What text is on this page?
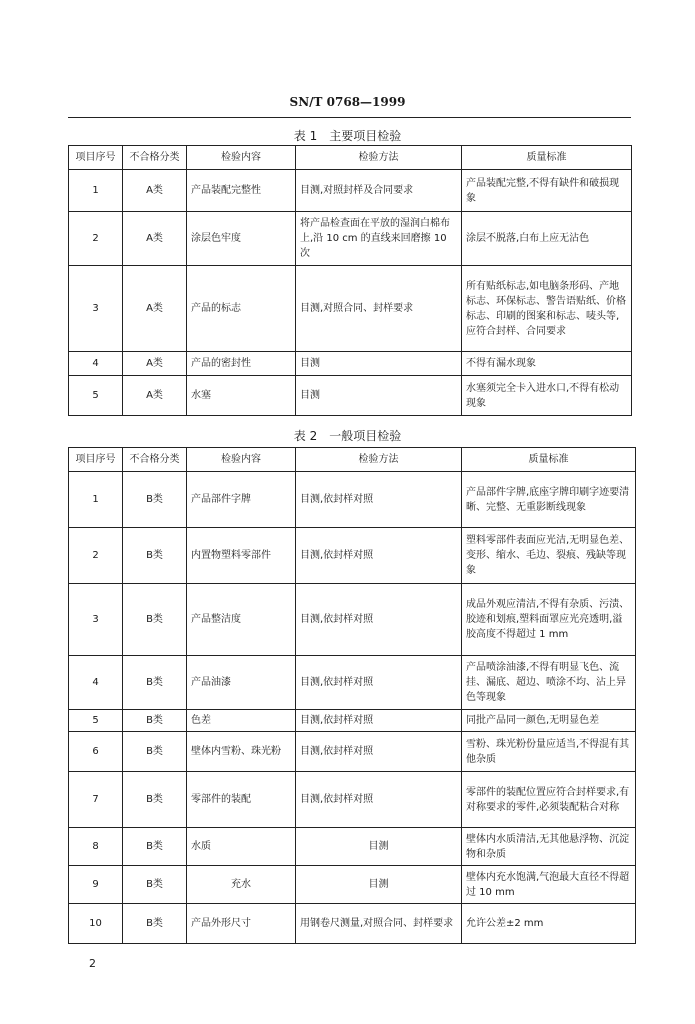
SN/T 0768—1999
表 1　主要项目检验
项目序号	不合格分类	检验内容	检验方法	质量标准
1	A类	产品装配完整性	目测,对照封样及合同要求	产品装配完整,不得有缺件和破损现象
2	A类	涂层色牢度	将产品检查面在平放的湿润白棉布上,沿 10 cm 的直线来回磨擦 10 次	涂层不脱落,白布上应无沾色
3	A类	产品的标志	目测,对照合同、封样要求	所有贴纸标志,如电脑条形码、产地标志、环保标志、警告语贴纸、价格标志、印刷的图案和标志、唛头等,应符合封样、合同要求
4	A类	产品的密封性	目测	不得有漏水现象
5	A类	水塞	目测	水塞须完全卡入进水口,不得有松动现象
表 2　一般项目检验
项目序号	不合格分类	检验内容	检验方法	质量标准
1	B类	产品部件字牌	目测,依封样对照	产品部件字牌,底座字牌印刷字迹要清晰、完整、无重影断线现象
2	B类	内置物塑料零部件	目测,依封样对照	塑料零部件表面应光洁,无明显色差、变形、缩水、毛边、裂痕、残缺等现象
3	B类	产品整洁度	目测,依封样对照	成品外观应清洁,不得有杂质、污渍、胶迹和划痕,塑料面罩应光亮透明,溢胶高度不得超过 1 mm
4	B类	产品油漆	目测,依封样对照	产品喷涂油漆,不得有明显飞色、流挂、漏底、超边、喷涂不均、沾上异色等现象
5	B类	色差	目测,依封样对照	同批产品同一颜色,无明显色差
6	B类	壁体内雪粉、珠光粉	目测,依封样对照	雪粉、珠光粉份量应适当,不得混有其他杂质
7	B类	零部件的装配	目测,依封样对照	零部件的装配位置应符合封样要求,有对称要求的零件,必须装配粘合对称
8	B类	水质	目测	壁体内水质清洁,无其他悬浮物、沉淀物和杂质
9	B类	充水	目测	壁体内充水饱满,气泡最大直径不得超过 10 mm
10	B类	产品外形尺寸	用钢卷尺测量,对照合同、封样要求	允许公差±2 mm
2
